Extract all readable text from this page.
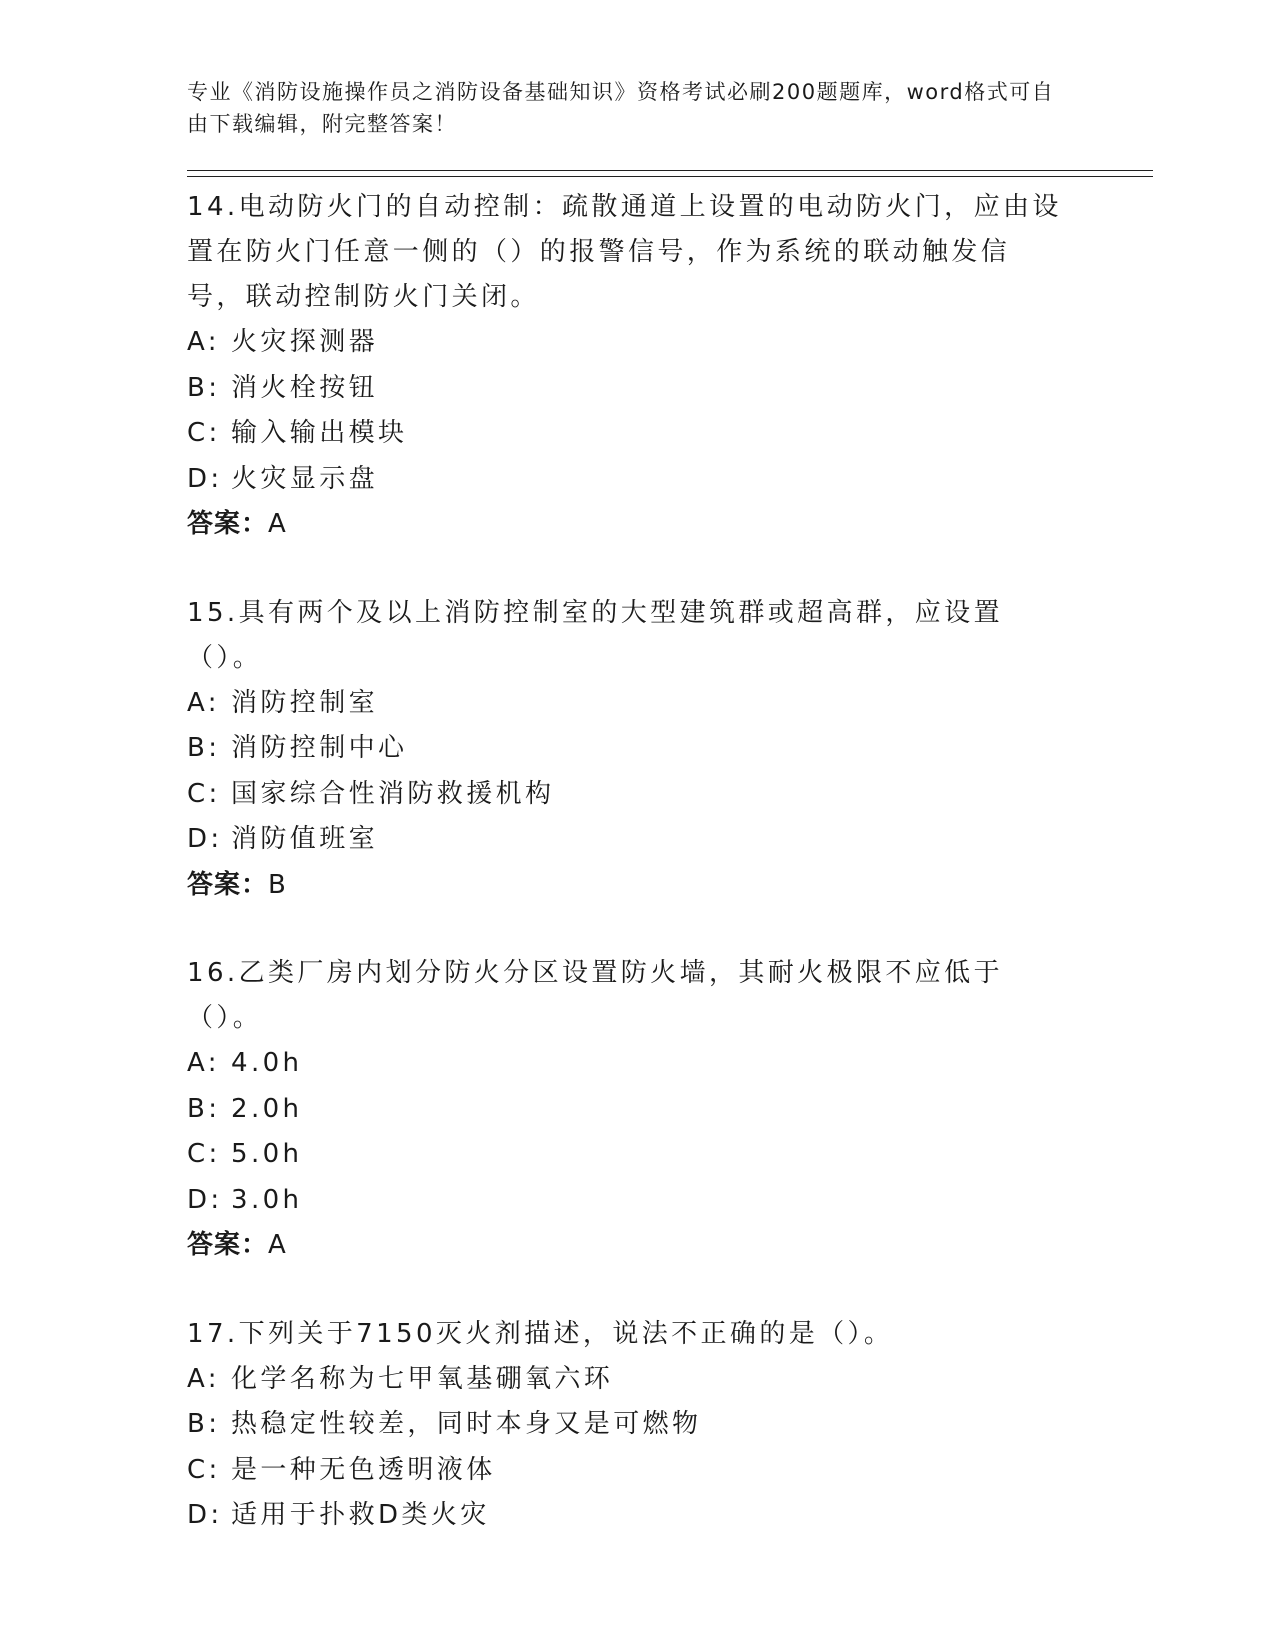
专业《消防设施操作员之消防设备基础知识》资格考试必刷200题题库，word格式可自由下载编辑，附完整答案！

14.电动防火门的自动控制：疏散通道上设置的电动防火门，应由设置在防火门任意一侧的（）的报警信号，作为系统的联动触发信号，联动控制防火门关闭。

A: 火灾探测器
B: 消火栓按钮
C: 输入输出模块
D: 火灾显示盘
答案： A

15.具有两个及以上消防控制室的大型建筑群或超高群，应设置（）。

A: 消防控制室
B: 消防控制中心
C: 国家综合性消防救援机构
D: 消防值班室
答案： B

16.乙类厂房内划分防火分区设置防火墙，其耐火极限不应低于（）。

A: 4.0h
B: 2.0h
C: 5.0h
D: 3.0h
答案： A

17.下列关于7150灭火剂描述，说法不正确的是（）。

A: 化学名称为七甲氧基硼氧六环
B: 热稳定性较差，同时本身又是可燃物
C: 是一种无色透明液体
D: 适用于扑救D类火灾
